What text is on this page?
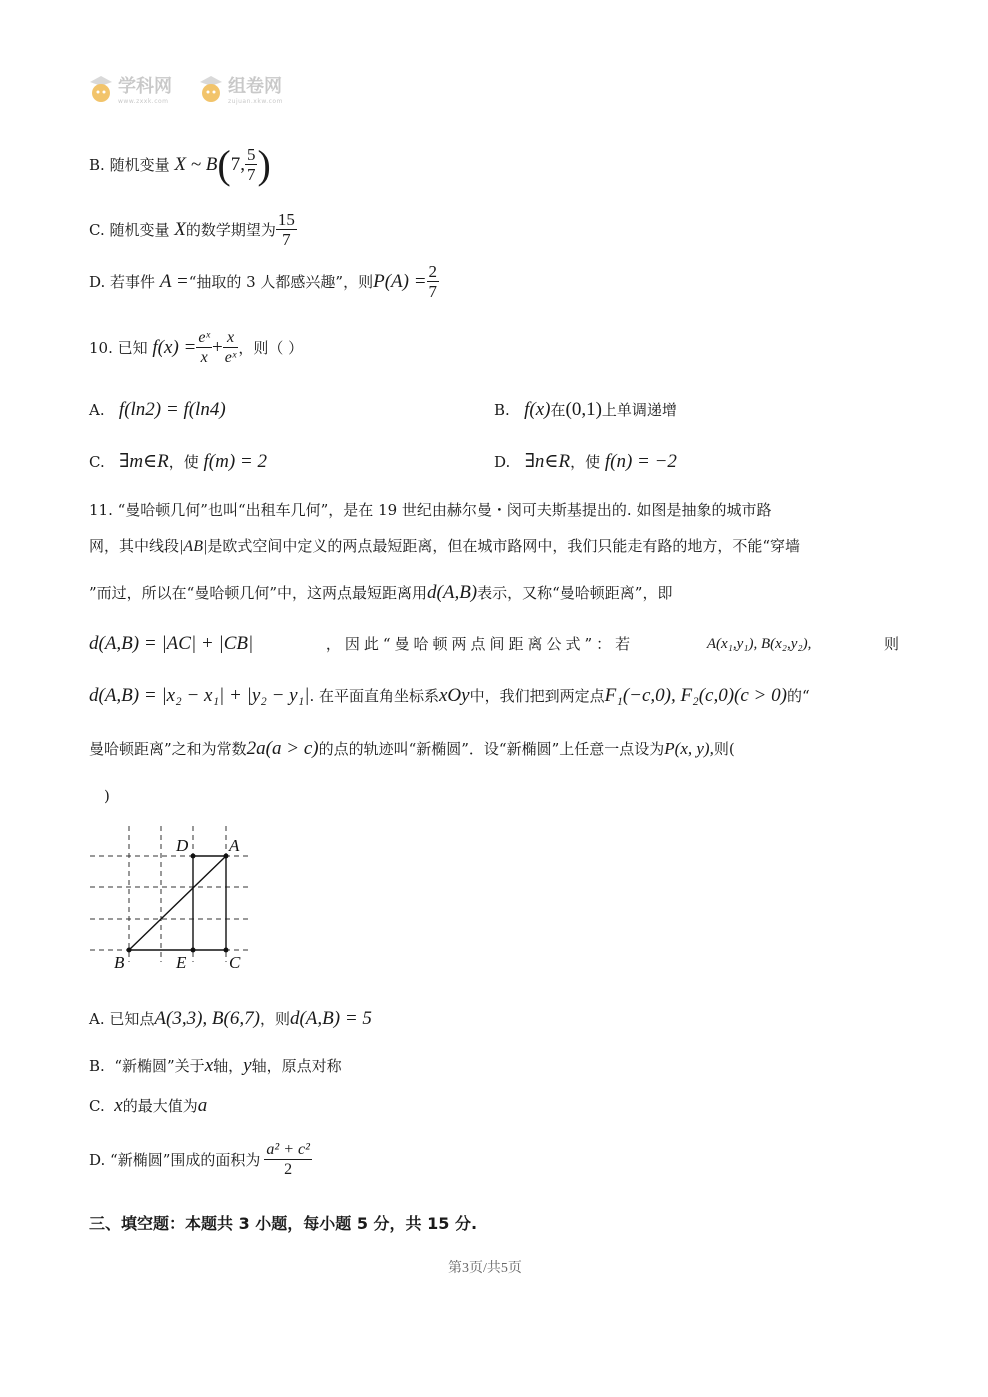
学科网
www.zxxk.com
组卷网
zujuan.xkw.com
B.
随机变量
X
~ B ( 7, $\frac{5}{7}$ )
C.
随机变量
X 的数学期望为 $\frac{15}{7}$
D.
若事件
A = “抽取的 3 人都感兴趣”，则 $P(A) = \frac{2}{7}$
10. 已知
$f(x) = \frac{\text{eˣ}}{x} + \frac{x}{\text{eˣ}}$ ，则（ ）
A. f(ln2) = f(ln4)	B. f(x)在(0,1)上单调递增
C. ∃m∈R，使 f(m) = 2	D. ∃n∈R，使 f(n) = −2
11. “曼哈顿几何”也叫“出租车几何”，是在 19 世纪由赫尔曼・闵可夫斯基提出的. 如图是抽象的城市路
网，其中线段|AB|是欧式空间中定义的两点最短距离，但在城市路网中，我们只能走有路的地方，不能“穿墙
”而过，所以在“曼哈顿几何”中，这两点最短距离用d(A,B)表示，又称“曼哈顿距离”，即
d(A,B) = |AC| + |CB|	，因此“曼哈顿两点间距离公式”：若	A(x₁,y₁), B(x₂,y₂),	则
d(A,B) = |x₂ − x₁| + |y₂ − y₁| . 在平面直角坐标系 xOy 中，我们把到两定点 F₁(−c,0), F₂(c,0)(c > 0) 的“
曼哈顿距离”之和为常数 2a(a > c) 的点的轨迹叫“新椭圆”．设“新椭圆”上任意一点设为 P(x, y), 则(
)
D A
B	E	C
A.
已知点 A(3,3), B(6,7) ，则 d(A,B) = 5
B. “新椭圆”关于x轴，y轴，原点对称
C. x的最大值为a
D.
“新椭圆”围成的面积为 $\frac{\text{a² + c²}}{2}$
三、填空题：本题共 3 小题，每小题 5 分，共 15 分.
第3页/共5页
